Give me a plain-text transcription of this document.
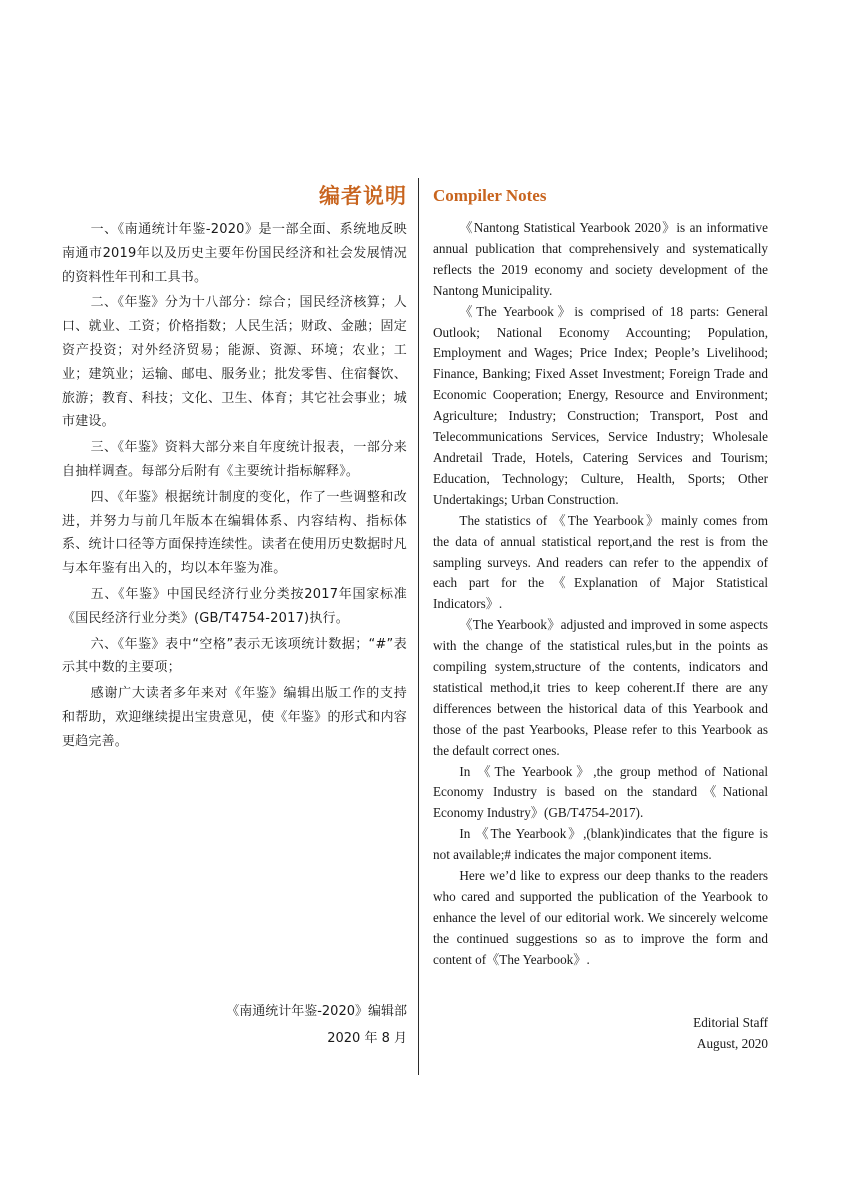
编者说明

一、《南通统计年鉴-2020》是一部全面、系统地反映南通市2019年以及历史主要年份国民经济和社会发展情况的资料性年刊和工具书。

二、《年鉴》分为十八部分：综合；国民经济核算；人口、就业、工资；价格指数；人民生活；财政、金融；固定资产投资；对外经济贸易；能源、资源、环境；农业；工业；建筑业；运输、邮电、服务业；批发零售、住宿餐饮、旅游；教育、科技；文化、卫生、体育；其它社会事业；城市建设。

三、《年鉴》资料大部分来自年度统计报表，一部分来自抽样调查。每部分后附有《主要统计指标解释》。

四、《年鉴》根据统计制度的变化，作了一些调整和改进，并努力与前几年版本在编辑体系、内容结构、指标体系、统计口径等方面保持连续性。读者在使用历史数据时凡与本年鉴有出入的，均以本年鉴为准。

五、《年鉴》中国民经济行业分类按2017年国家标准《国民经济行业分类》(GB/T4754-2017)执行。

六、《年鉴》表中“空格”表示无该项统计数据；“#”表示其中数的主要项；

感谢广大读者多年来对《年鉴》编辑出版工作的支持和帮助，欢迎继续提出宝贵意见，使《年鉴》的形式和内容更趋完善。

《南通统计年鉴-2020》编辑部
2020 年 8 月
Compiler Notes

《Nantong Statistical Yearbook 2020》is an informative annual publication that comprehensively and systematically reflects the 2019 economy and society development of the Nantong Municipality.

《The Yearbook》is comprised of 18 parts: General Outlook; National Economy Accounting; Population, Employment and Wages; Price Index; People’s Livelihood; Finance, Banking; Fixed Asset Investment; Foreign Trade and Economic Cooperation; Energy, Resource and Environment; Agriculture; Industry; Construction; Transport, Post and Telecommunications Services, Service Industry; Wholesale Andretail Trade, Hotels, Catering Services and Tourism; Education, Technology; Culture, Health, Sports; Other Undertakings; Urban Construction.

The statistics of 《The Yearbook》mainly comes from the data of annual statistical report,and the rest is from the sampling surveys. And readers can refer to the appendix of each part for the《Explanation of Major Statistical Indicators》.

《The Yearbook》adjusted and improved in some aspects with the change of the statistical rules,but in the points as compiling system,structure of the contents, indicators and statistical method,it tries to keep coherent.If there are any differences between the historical data of this Yearbook and those of the past Yearbooks, Please refer to this Yearbook as the default correct ones.

In 《The Yearbook》,the group method of National Economy Industry is based on the standard《National Economy Industry》(GB/T4754-2017).

In 《The Yearbook》,(blank)indicates that the figure is not available;# indicates the major component items.

Here we’d like to express our deep thanks to the readers who cared and supported the publication of the Yearbook to enhance the level of our editorial work. We sincerely welcome the continued suggestions so as to improve the form and content of《The Yearbook》.

Editorial Staff
August, 2020
